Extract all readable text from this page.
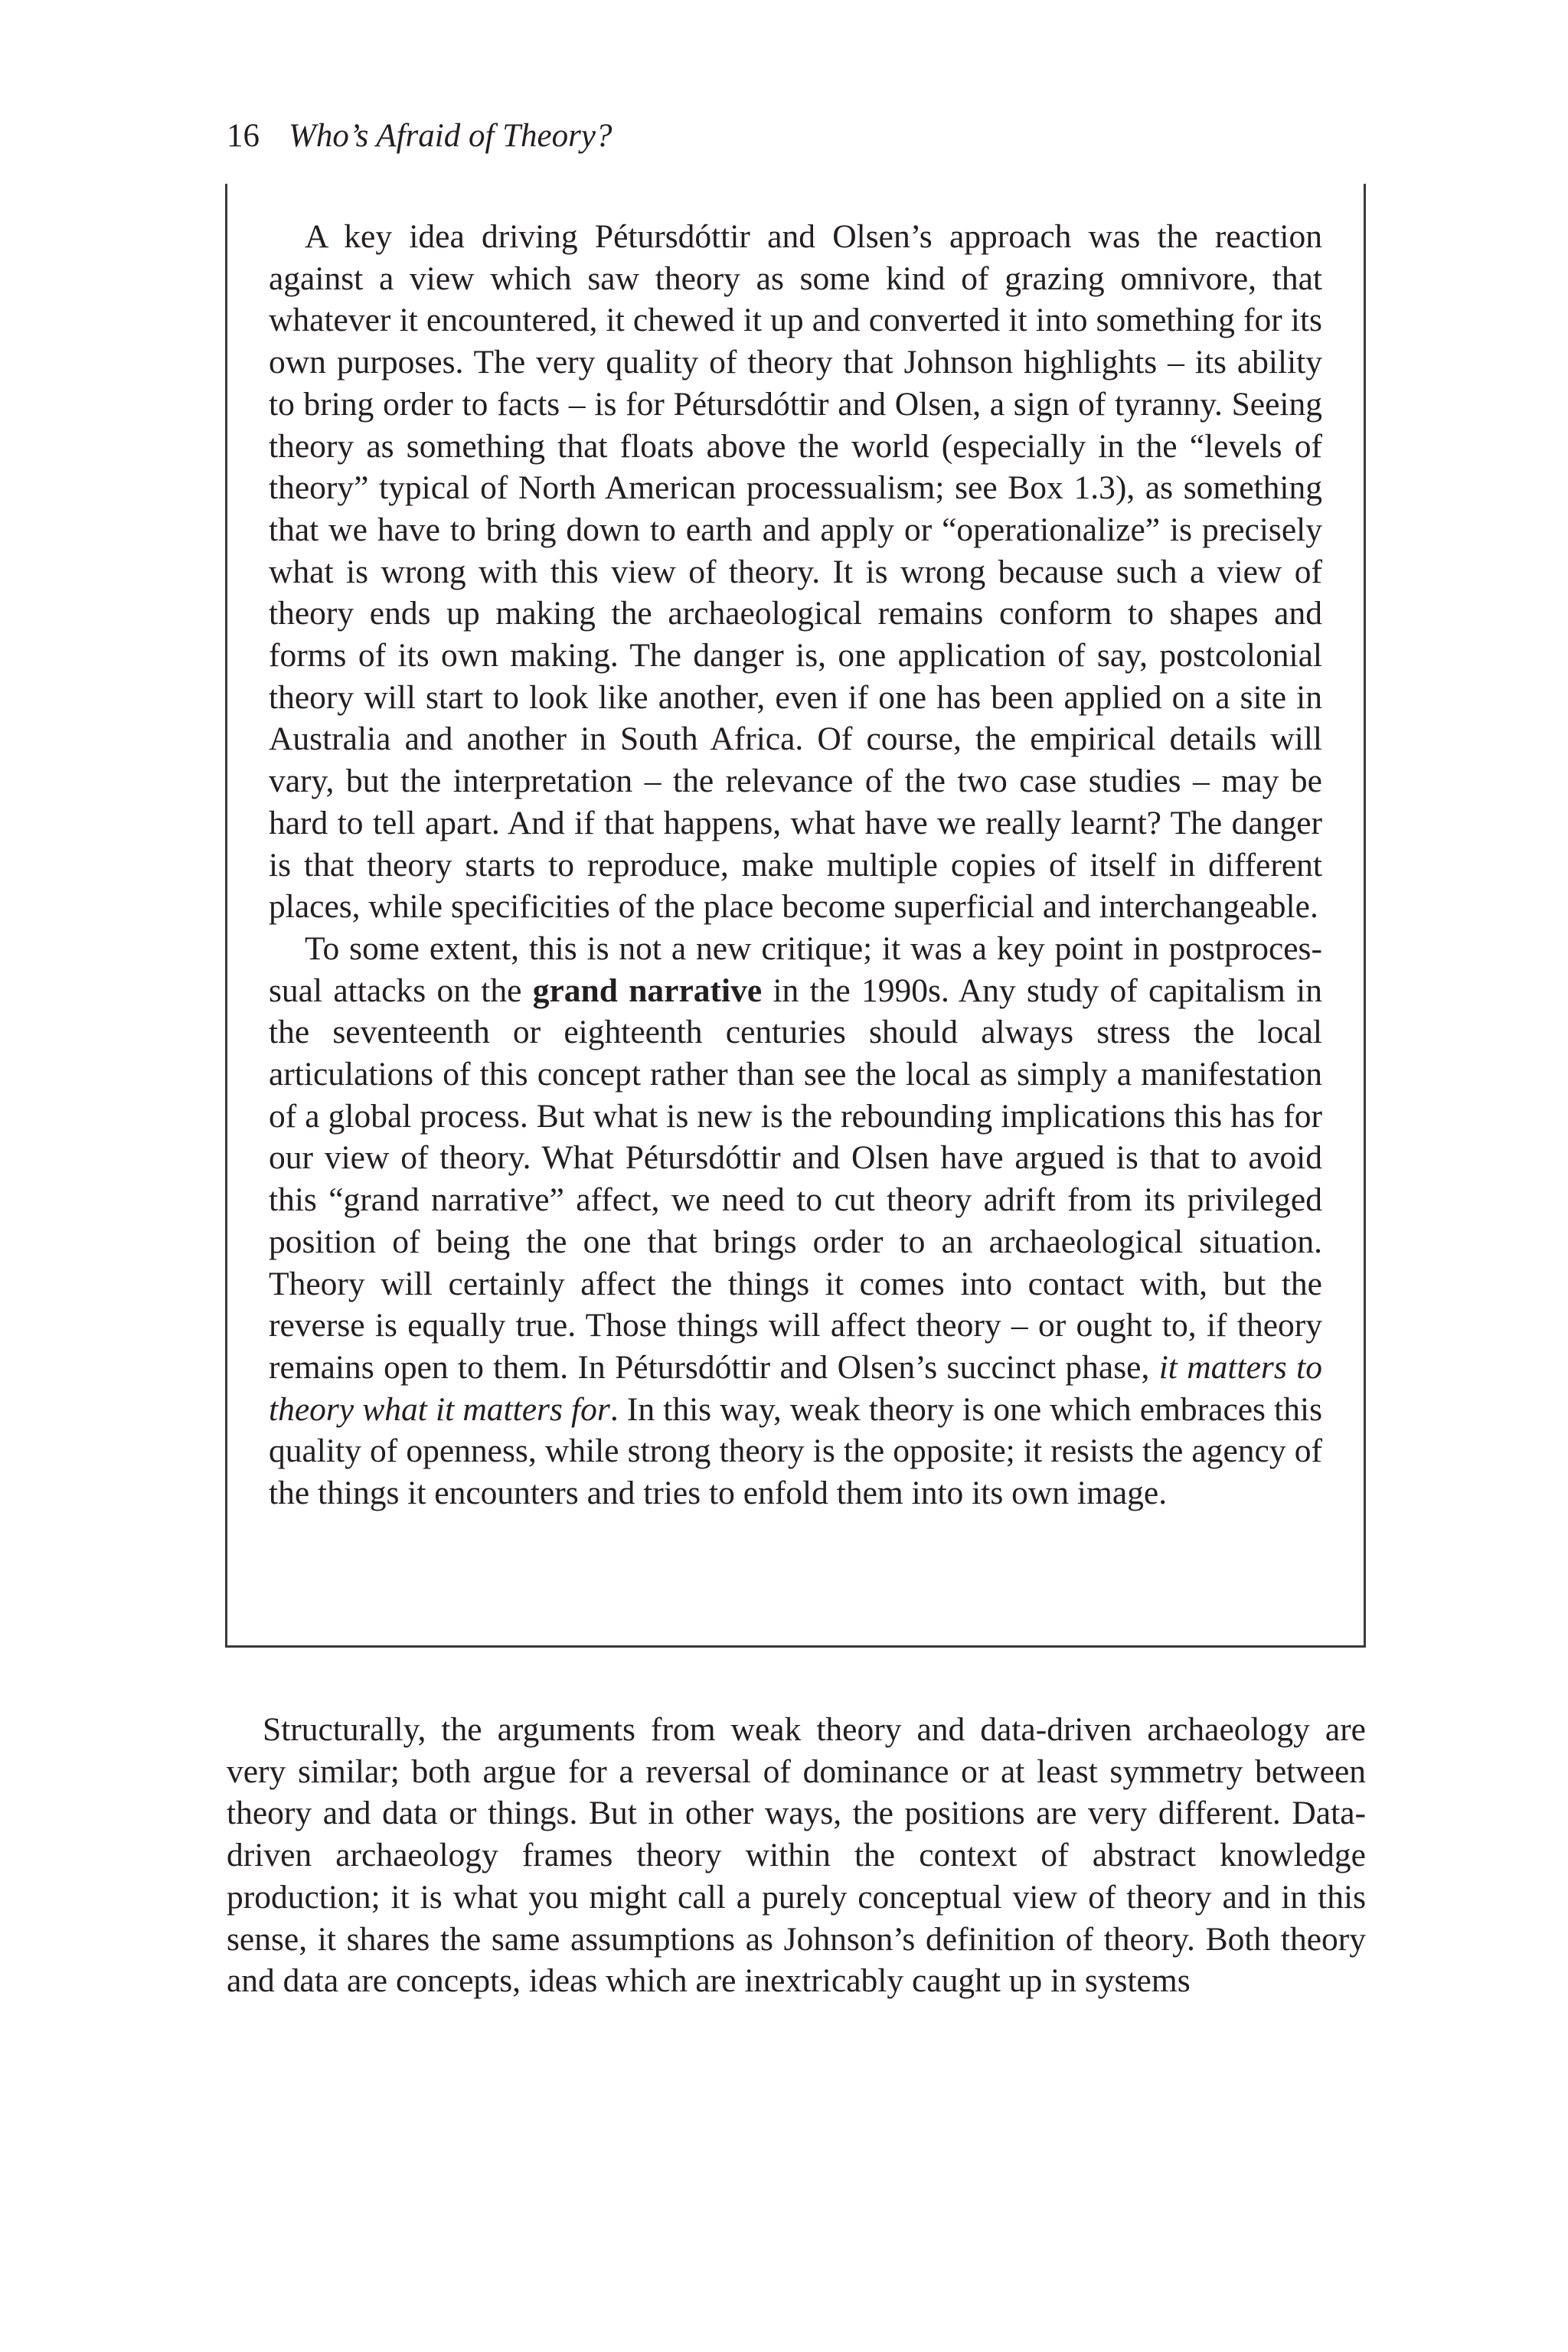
16 Who’s Afraid of Theory?

A key idea driving Pétursdóttir and Olsen’s approach was the reaction against a view which saw theory as some kind of grazing omnivore, that whatever it encountered, it chewed it up and converted it into something for its own purposes. The very quality of theory that Johnson highlights – its ability to bring order to facts – is for Pétursdóttir and Olsen, a sign of tyranny. Seeing theory as something that floats above the world (especially in the “levels of theory” typical of North American processualism; see Box 1.3), as something that we have to bring down to earth and apply or “operationalize” is precisely what is wrong with this view of theory. It is wrong because such a view of theory ends up making the archaeological remains conform to shapes and forms of its own making. The danger is, one application of say, postcolonial theory will start to look like another, even if one has been applied on a site in Australia and another in South Africa. Of course, the empirical details will vary, but the interpretation – the relevance of the two case studies – may be hard to tell apart. And if that happens, what have we really learnt? The danger is that theory starts to reproduce, make multiple copies of itself in different places, while specificities of the place become superficial and interchangeable.

To some extent, this is not a new critique; it was a key point in postprocessual attacks on the grand narrative in the 1990s. Any study of capitalism in the seventeenth or eighteenth centuries should always stress the local articulations of this concept rather than see the local as simply a manifestation of a global process. But what is new is the rebounding implications this has for our view of theory. What Pétursdóttir and Olsen have argued is that to avoid this “grand narrative” affect, we need to cut theory adrift from its privileged position of being the one that brings order to an archaeological situation. Theory will certainly affect the things it comes into contact with, but the reverse is equally true. Those things will affect theory – or ought to, if theory remains open to them. In Pétursdóttir and Olsen’s succinct phase, it matters to theory what it matters for. In this way, weak theory is one which embraces this quality of openness, while strong theory is the opposite; it resists the agency of the things it encounters and tries to enfold them into its own image.

Structurally, the arguments from weak theory and data-driven archaeology are very similar; both argue for a reversal of dominance or at least symmetry between theory and data or things. But in other ways, the positions are very different. Data-driven archaeology frames theory within the context of abstract knowledge production; it is what you might call a purely conceptual view of theory and in this sense, it shares the same assumptions as Johnson’s definition of theory. Both theory and data are concepts, ideas which are inextricably caught up in systems
